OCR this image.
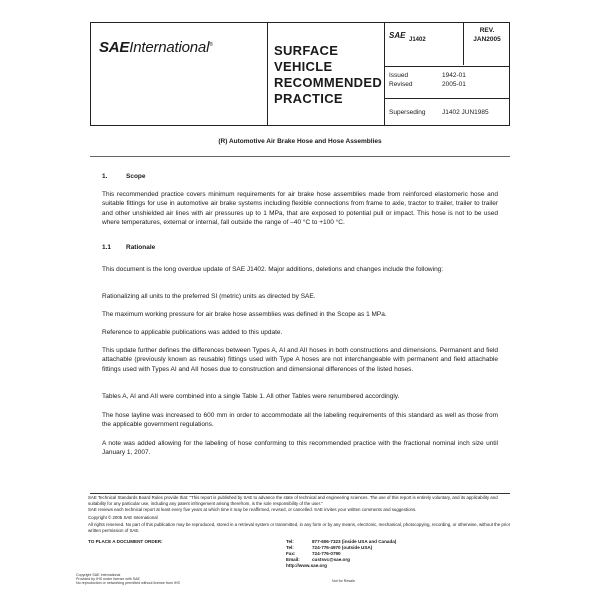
SAEInternational®	SURFACE
VEHICLE
RECOMMENDED
PRACTICE
SAE J1402
REV.
JAN2005
Issued	1942-01
Revised	2005-01
Superseding	J1402 JUN1985
(R) Automotive Air Brake Hose and Hose Assemblies
1.	Scope
This recommended practice covers minimum requirements for air brake hose assemblies made from reinforced elastomeric hose and suitable fittings for use in automotive air brake systems including flexible connections from frame to axle, tractor to trailer, trailer to trailer and other unshielded air lines with air pressures up to 1 MPa, that are exposed to potential pull or impact. This hose is not to be used where temperatures, external or internal, fall outside the range of –40 °C to +100 °C.
1.1 Rationale
This document is the long overdue update of SAE J1402. Major additions, deletions and changes include the following:
Rationalizing all units to the preferred SI (metric) units as directed by SAE.
The maximum working pressure for air brake hose assemblies was defined in the Scope as 1 MPa.
Reference to applicable publications was added to this update.
This update further defines the differences between Types A, AI and AII hoses in both constructions and dimensions. Permanent and field attachable (previously known as reusable) fittings used with Type A hoses are not interchangeable with permanent and field attachable fittings used with Types AI and AII hoses due to construction and dimensional differences of the listed hoses.
Tables A, AI and AII were combined into a single Table 1. All other Tables were renumbered accordingly.
The hose layline was increased to 600 mm in order to accommodate all the labeling requirements of this standard as well as those from the applicable government regulations.
A note was added allowing for the labeling of hose conforming to this recommended practice with the fractional nominal inch size until January 1, 2007.
SAE Technical Standards Board Rules provide that: "This report is published by SAE to advance the state of technical and engineering sciences. The use of this report is entirely voluntary, and its applicability and suitability for any particular use, including any patent infringement arising therefrom, is the sole responsibility of the user."
SAE reviews each technical report at least every five years at which time it may be reaffirmed, revised, or cancelled. SAE invites your written comments and suggestions.
Copyright © 2005 SAE International
All rights reserved. No part of this publication may be reproduced, stored in a retrieval system or transmitted, in any form or by any means, electronic, mechanical, photocopying, recording, or otherwise, without the prior written permission of SAE.
TO PLACE A DOCUMENT ORDER:	Tel:	877-606-7323 (inside USA and Canada)
Tel:	724-776-4970 (outside USA)
Fax:	724-776-0790
Email:	custsvc@sae.org
http://www.sae.org
Copyright SAE International
Provided by IHS under license with SAE
No reproduction or networking permitted without license from IHS	Not for Resale
